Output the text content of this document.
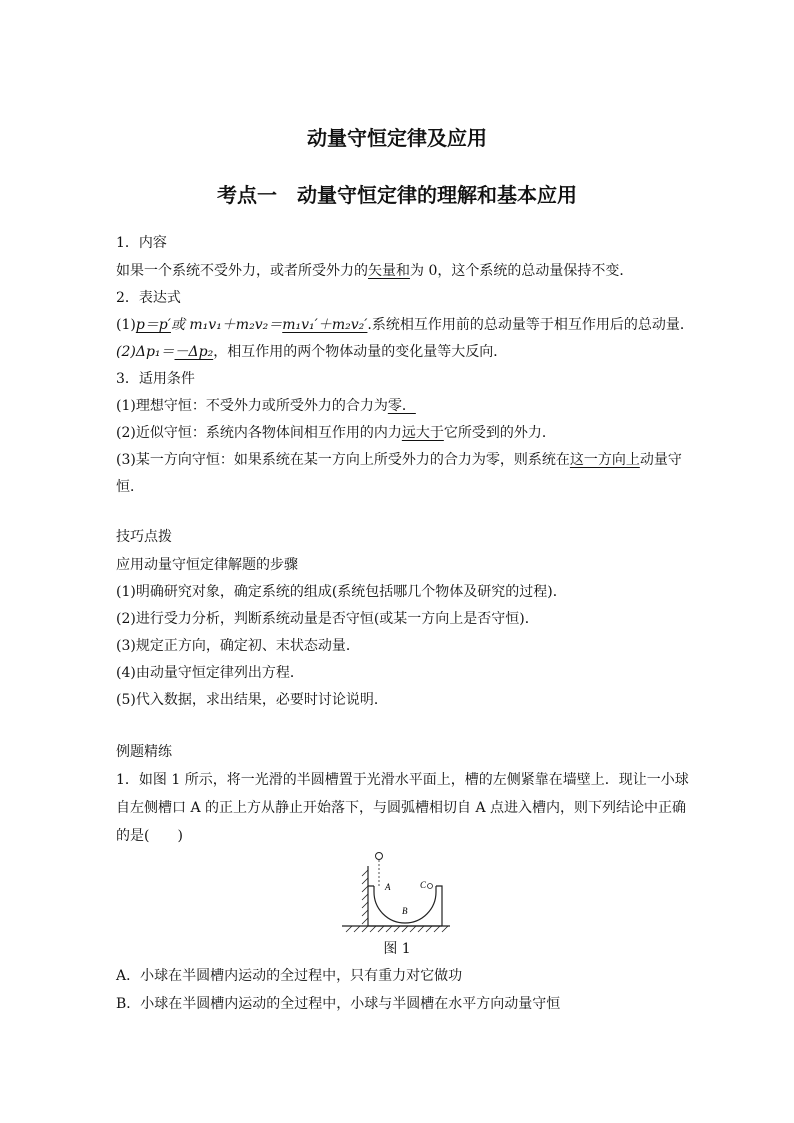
动量守恒定律及应用
考点一　动量守恒定律的理解和基本应用
1．内容
如果一个系统不受外力，或者所受外力的矢量和为 0，这个系统的总动量保持不变．
2．表达式
(1)p＝p′或 m₁v₁＋m₂v₂＝m₁v₁′＋m₂v₂′.系统相互作用前的总动量等于相互作用后的总动量．
(2)Δp₁＝－Δp₂，相互作用的两个物体动量的变化量等大反向．
3．适用条件
(1)理想守恒：不受外力或所受外力的合力为零．
(2)近似守恒：系统内各物体间相互作用的内力远大于它所受到的外力．
(3)某一方向守恒：如果系统在某一方向上所受外力的合力为零，则系统在这一方向上动量守
恒．
技巧点拨
应用动量守恒定律解题的步骤
(1)明确研究对象，确定系统的组成(系统包括哪几个物体及研究的过程)．
(2)进行受力分析，判断系统动量是否守恒(或某一方向上是否守恒)．
(3)规定正方向，确定初、末状态动量．
(4)由动量守恒定律列出方程．
(5)代入数据，求出结果，必要时讨论说明．
例题精练
1．如图 1 所示，将一光滑的半圆槽置于光滑水平面上，槽的左侧紧靠在墙壁上．现让一小球
自左侧槽口 A 的正上方从静止开始落下，与圆弧槽相切自 A 点进入槽内，则下列结论中正确
的是(　　)
A
B
C
图 1
A．小球在半圆槽内运动的全过程中，只有重力对它做功
B．小球在半圆槽内运动的全过程中，小球与半圆槽在水平方向动量守恒
